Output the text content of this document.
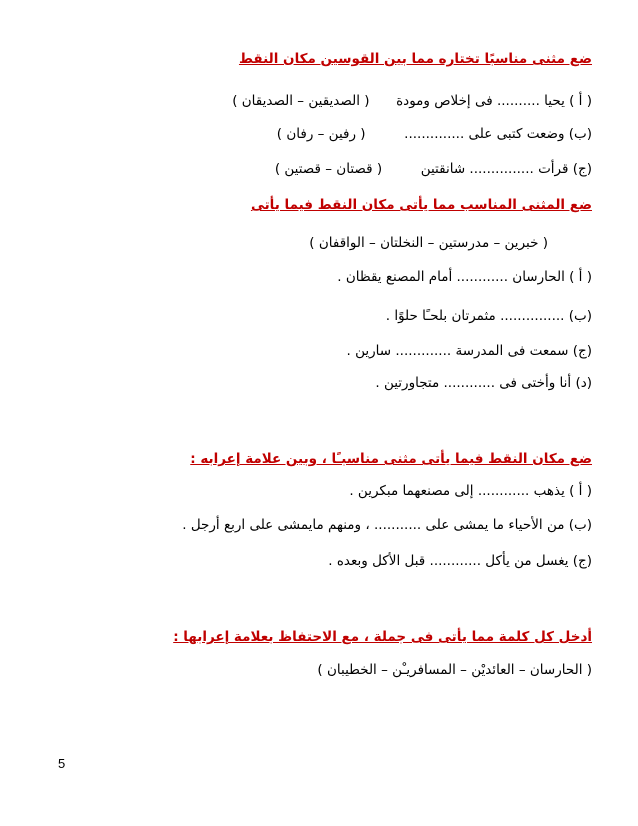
ضع مثنى مناسبًا تختاره مما بين القوسين مكان النقط
( أ ) يحيا .......... فى إخلاص ومودة  ( الصديقين – الصديقان )
(ب) وضعت كتبى على ..............  ( رفين – رفان )
(ج) قرأت ............... شانقتين  ( قصتان – قصتين )
ضع المثنى المناسب مما يأتى مكان النقط فيما يأتى
( خبرين – مدرستين – النخلتان – الواقفان )
( أ ) الحارسان ............ أمام المصنع يقظان .
(ب) ............... مثمرتان بلحـًا حلوًا .
(ج) سمعت فى المدرسة ............. سارين .
(د) أنا وأختى فى ............ متجاورتين .
ضع مكان النقط فيما يأتى مثنى مناسبـًا ، وبين علامة إعرابه :
( أ ) يذهب ............ إلى مصنعهما مبكرين .
(ب) من الأحياء ما يمشى على ........... ، ومنهم مايمشى على اربع أرجل .
(ج) يغسل من يأكل ............ قبل الأكل وبعده .
أدخل كل كلمة مما يأتى فى جملة ، مع الاحتفاظ بعلامة إعرابها :
( الحارسان – العائديْن – المسافريـْن – الخطيبان )
5
